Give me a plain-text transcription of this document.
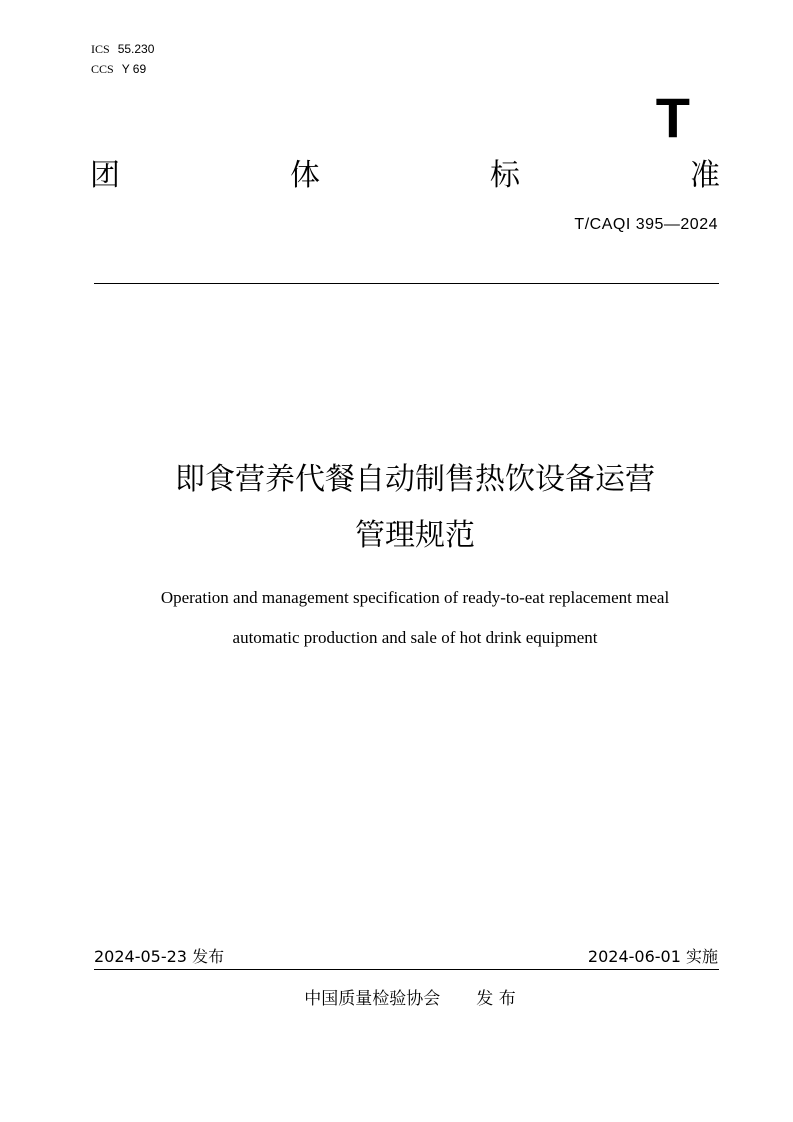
ICS 55.230
CCS Y 69
T
团	体	标	准
T/CAQI 395—2024
即食营养代餐自动制售热饮设备运营
管理规范
Operation and management specification of ready-to-eat replacement meal
automatic production and sale of hot drink equipment
2024-05-23 发布	2024-06-01 实施
中国质量检验协会 发 布
